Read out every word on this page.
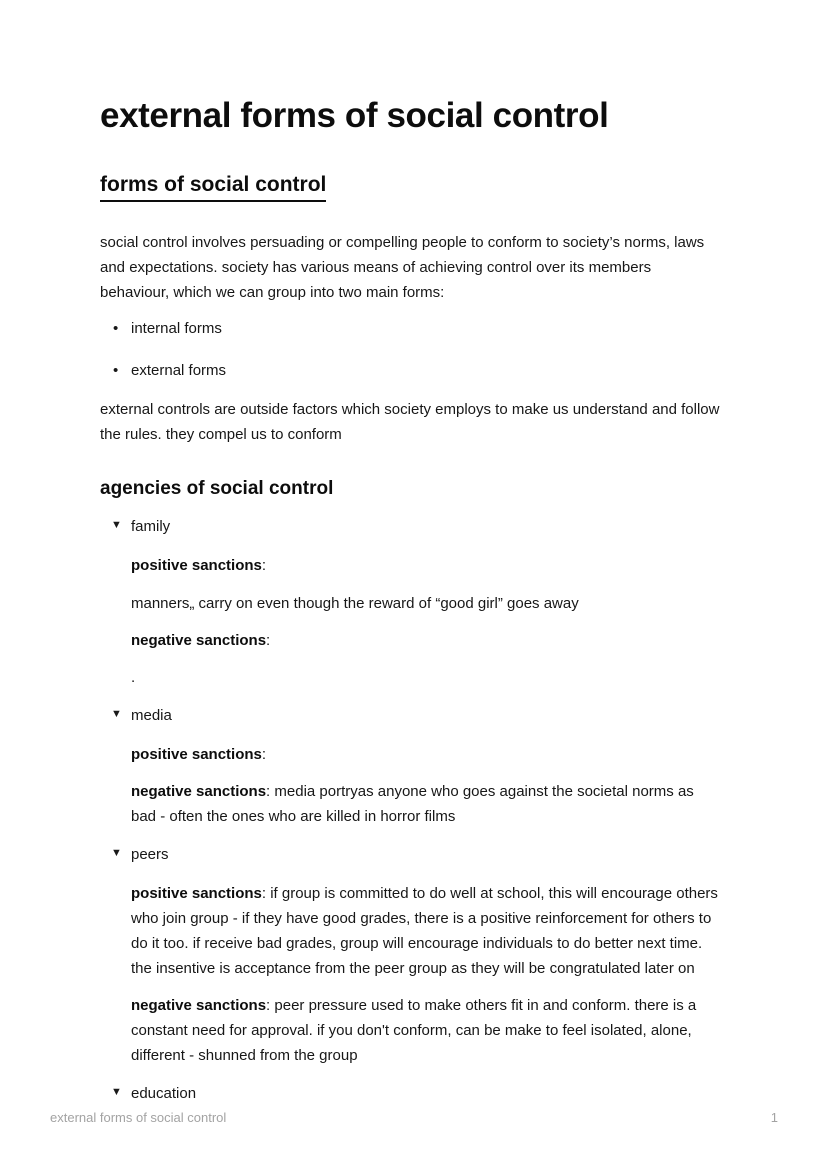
external forms of social control
forms of social control

social control involves persuading or compelling people to conform to society’s norms, laws and expectations. society has various means of achieving control over its members behaviour, which we can group into two main forms:

• internal forms
• external forms

external controls are outside factors which society employs to make us understand and follow the rules. they compel us to conform

agencies of social control
▼ family

positive sanctions:

manners„ carry on even though the reward of “good girl” goes away

negative sanctions:

.

▼ media

positive sanctions:

negative sanctions: media portryas anyone who goes against the societal norms as bad - often the ones who are killed in horror films

▼ peers

positive sanctions: if group is committed to do well at school, this will encourage others who join group - if they have good grades, there is a positive reinforcement for others to do it too. if receive bad grades, group will encourage individuals to do better next time. the insentive is acceptance from the peer group as they will be congratulated later on

negative sanctions: peer pressure used to make others fit in and conform. there is a constant need for approval. if you don't conform, can be make to feel isolated, alone, different - shunned from the group

▼ education
external forms of social control	1
